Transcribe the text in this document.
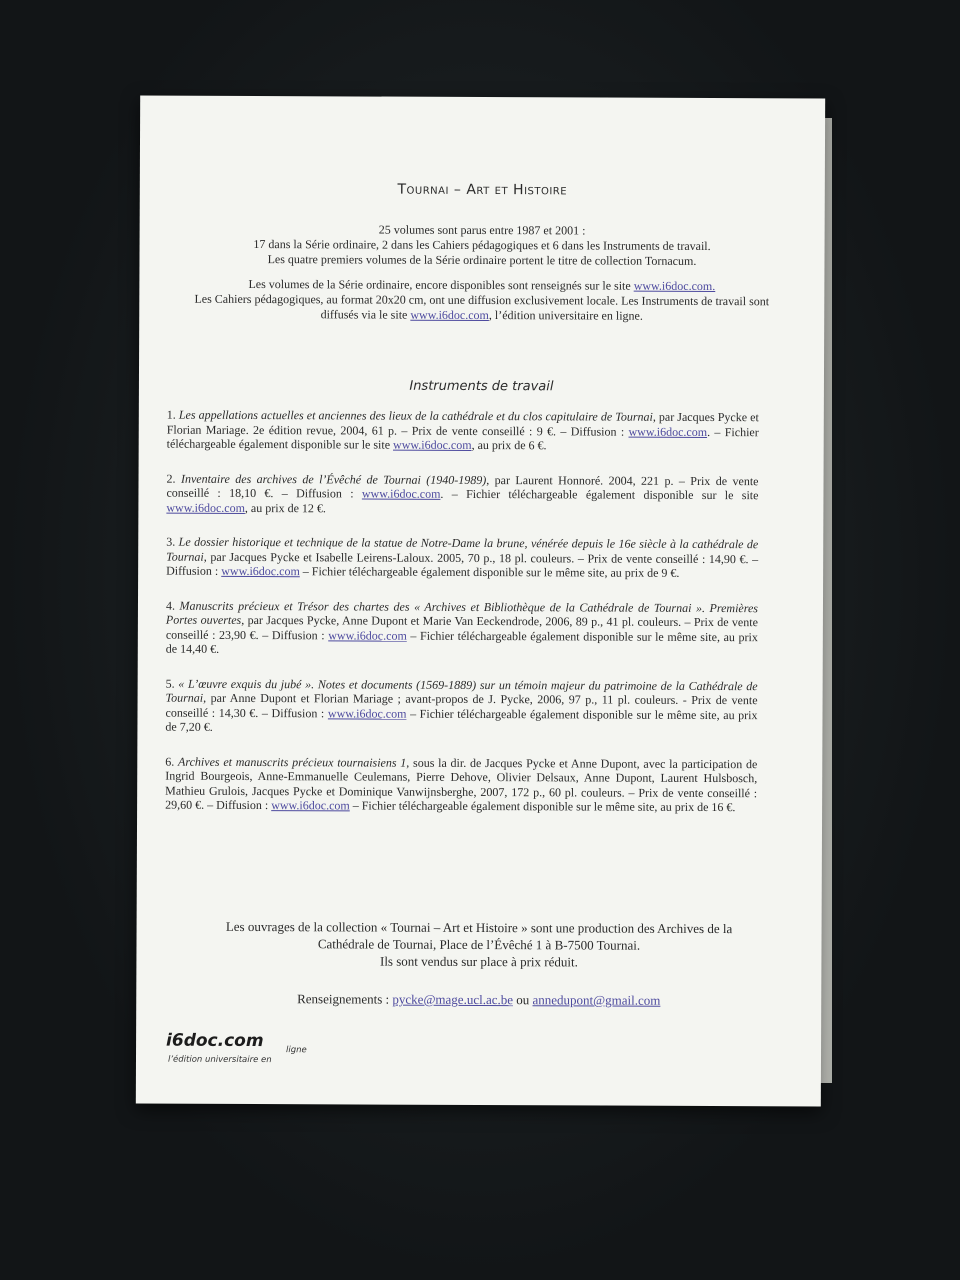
Tournai – Art et Histoire

25 volumes sont parus entre 1987 et 2001 :
17 dans la Série ordinaire, 2 dans les Cahiers pédagogiques et 6 dans les Instruments de travail.
Les quatre premiers volumes de la Série ordinaire portent le titre de collection Tornacum.

Les volumes de la Série ordinaire, encore disponibles sont renseignés sur le site www.i6doc.com.
Les Cahiers pédagogiques, au format 20x20 cm, ont une diffusion exclusivement locale. Les Instruments de travail sont diffusés via le site www.i6doc.com, l’édition universitaire en ligne.

Instruments de travail
1. Les appellations actuelles et anciennes des lieux de la cathédrale et du clos capitulaire de Tournai, par Jacques Pycke et Florian Mariage. 2e édition revue, 2004, 61 p. – Prix de vente conseillé : 9 €. – Diffusion : www.i6doc.com. – Fichier téléchargeable également disponible sur le site www.i6doc.com, au prix de 6 €.
2. Inventaire des archives de l’Évêché de Tournai (1940-1989), par Laurent Honnoré. 2004, 221 p. – Prix de vente conseillé : 18,10 €. – Diffusion : www.i6doc.com. – Fichier téléchargeable également disponible sur le site www.i6doc.com, au prix de 12 €.
3. Le dossier historique et technique de la statue de Notre-Dame la brune, vénérée depuis le 16e siècle à la cathédrale de Tournai, par Jacques Pycke et Isabelle Leirens-Laloux. 2005, 70 p., 18 pl. couleurs. – Prix de vente conseillé : 14,90 €. – Diffusion : www.i6doc.com – Fichier téléchargeable également disponible sur le même site, au prix de 9 €.
4. Manuscrits précieux et Trésor des chartes des « Archives et Bibliothèque de la Cathédrale de Tournai ». Premières Portes ouvertes, par Jacques Pycke, Anne Dupont et Marie Van Eeckendrode, 2006, 89 p., 41 pl. couleurs. – Prix de vente conseillé : 23,90 €. – Diffusion : www.i6doc.com – Fichier téléchargeable également disponible sur le même site, au prix de 14,40 €.
5. « L’œuvre exquis du jubé ». Notes et documents (1569-1889) sur un témoin majeur du patrimoine de la Cathédrale de Tournai, par Anne Dupont et Florian Mariage ; avant-propos de J. Pycke, 2006, 97 p., 11 pl. couleurs. - Prix de vente conseillé : 14,30 €. – Diffusion : www.i6doc.com – Fichier téléchargeable également disponible sur le même site, au prix de 7,20 €.
6. Archives et manuscrits précieux tournaisiens 1, sous la dir. de Jacques Pycke et Anne Dupont, avec la participation de Ingrid Bourgeois, Anne-Emmanuelle Ceulemans, Pierre Dehove, Olivier Delsaux, Anne Dupont, Laurent Hulsbosch, Mathieu Grulois, Jacques Pycke et Dominique Vanwijnsberghe, 2007, 172 p., 60 pl. couleurs. – Prix de vente conseillé : 29,60 €. – Diffusion : www.i6doc.com – Fichier téléchargeable également disponible sur le même site, au prix de 16 €.
Les ouvrages de la collection « Tournai – Art et Histoire » sont une production des Archives de la
Cathédrale de Tournai, Place de l’Évêché 1 à B-7500 Tournai.
Ils sont vendus sur place à prix réduit.
Renseignements : pycke@mage.ucl.ac.be ou annedupont@gmail.com
i6doc.com
l’édition universitaire en
ligne
